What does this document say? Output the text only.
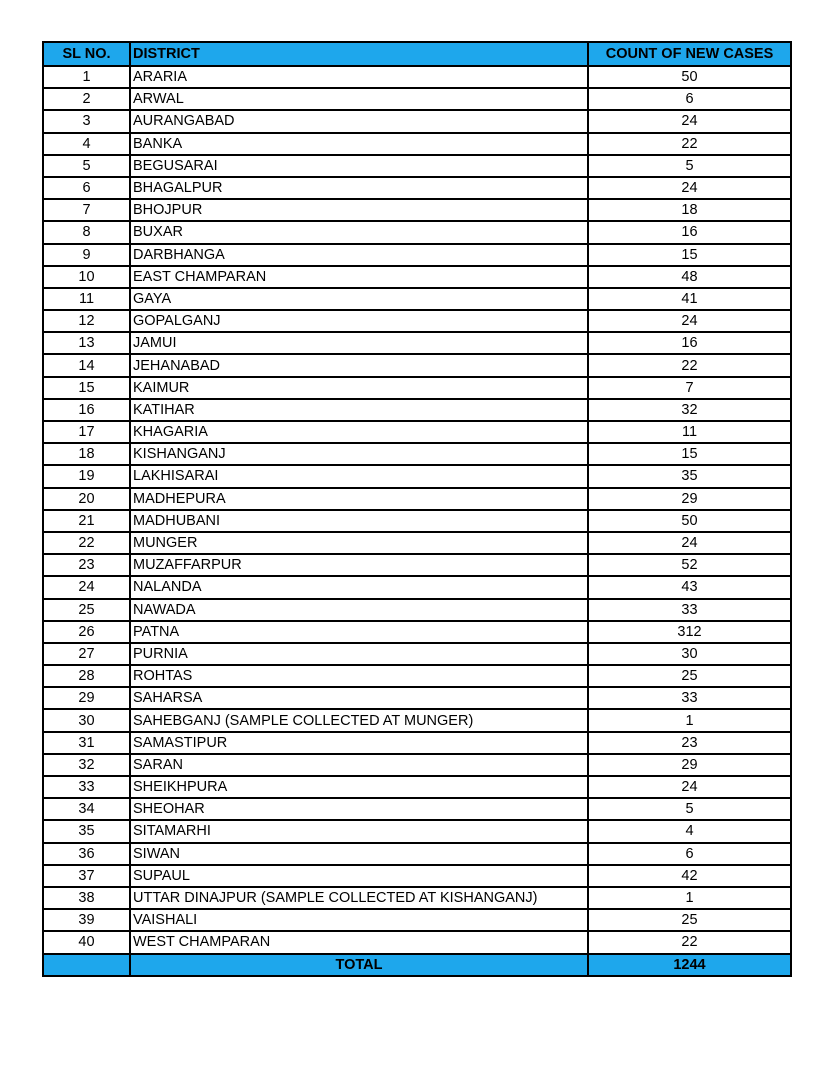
SL NO.	DISTRICT	COUNT OF NEW CASES
1	ARARIA	50
2	ARWAL	6
3	AURANGABAD	24
4	BANKA	22
5	BEGUSARAI	5
6	BHAGALPUR	24
7	BHOJPUR	18
8	BUXAR	16
9	DARBHANGA	15
10	EAST CHAMPARAN	48
11	GAYA	41
12	GOPALGANJ	24
13	JAMUI	16
14	JEHANABAD	22
15	KAIMUR	7
16	KATIHAR	32
17	KHAGARIA	11
18	KISHANGANJ	15
19	LAKHISARAI	35
20	MADHEPURA	29
21	MADHUBANI	50
22	MUNGER	24
23	MUZAFFARPUR	52
24	NALANDA	43
25	NAWADA	33
26	PATNA	312
27	PURNIA	30
28	ROHTAS	25
29	SAHARSA	33
30	SAHEBGANJ (SAMPLE COLLECTED AT MUNGER)	1
31	SAMASTIPUR	23
32	SARAN	29
33	SHEIKHPURA	24
34	SHEOHAR	5
35	SITAMARHI	4
36	SIWAN	6
37	SUPAUL	42
38	UTTAR DINAJPUR (SAMPLE COLLECTED AT KISHANGANJ)	1
39	VAISHALI	25
40	WEST CHAMPARAN	22
	TOTAL	1244
